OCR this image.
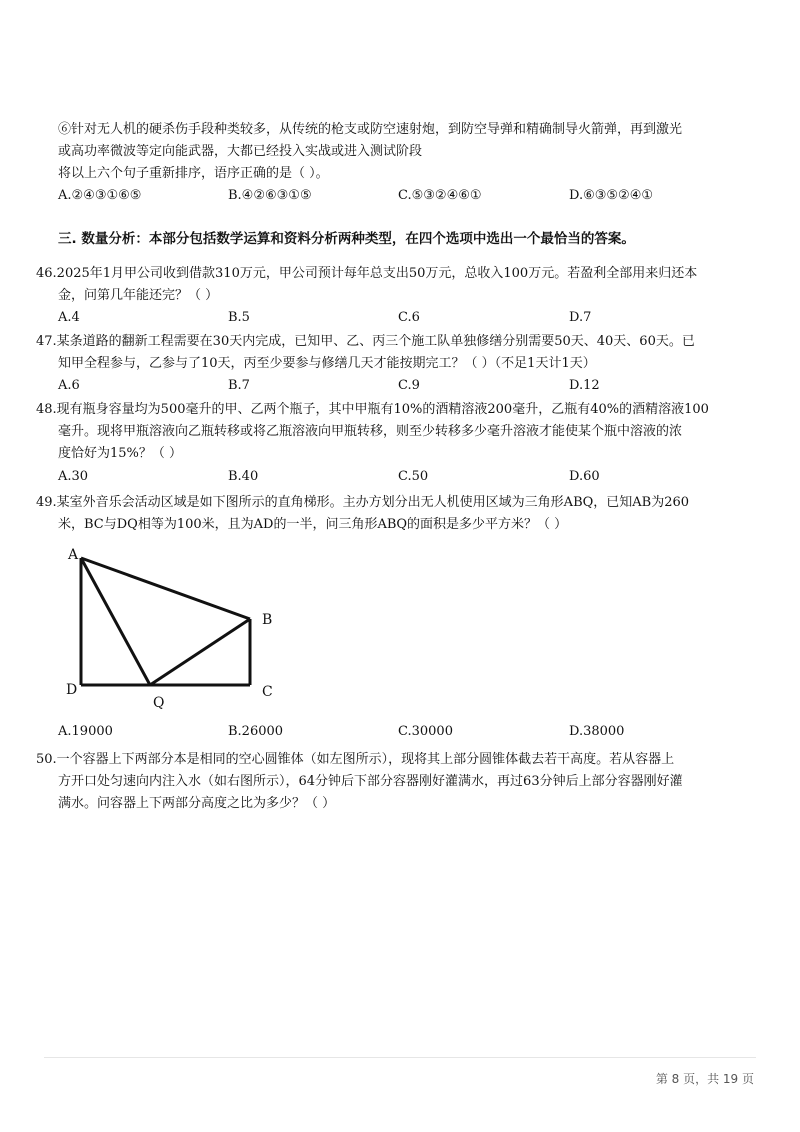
⑥针对无人机的硬杀伤手段种类较多，从传统的枪支或防空速射炮，到防空导弹和精确制导火箭弹，再到激光
或高功率微波等定向能武器，大都已经投入实战或进入测试阶段
将以上六个句子重新排序，语序正确的是（ ）。
A.②④③①⑥⑤	B.④②⑥③①⑤	C.⑤③②④⑥①	D.⑥③⑤②④①
三. 数量分析：本部分包括数学运算和资料分析两种类型，在四个选项中选出一个最恰当的答案。
46.2025年1月甲公司收到借款310万元，甲公司预计每年总支出50万元，总收入100万元。若盈利全部用来归还本
金，问第几年能还完？（ ）
A.4	B.5	C.6	D.7
47.某条道路的翻新工程需要在30天内完成，已知甲、乙、丙三个施工队单独修缮分别需要50天、40天、60天。已
知甲全程参与，乙参与了10天，丙至少要参与修缮几天才能按期完工？（ ）（不足1天计1天）
A.6	B.7	C.9	D.12
48.现有瓶身容量均为500毫升的甲、乙两个瓶子，其中甲瓶有10%的酒精溶液200毫升，乙瓶有40%的酒精溶液100
毫升。现将甲瓶溶液向乙瓶转移或将乙瓶溶液向甲瓶转移，则至少转移多少毫升溶液才能使某个瓶中溶液的浓
度恰好为15%？（ ）
A.30	B.40	C.50	D.60
49.某室外音乐会活动区域是如下图所示的直角梯形。主办方划分出无人机使用区域为三角形ABQ，已知AB为260
米，BC与DQ相等为100米，且为AD的一半，问三角形ABQ的面积是多少平方米？（ ）
A
B
C
D
Q
A.19000	B.26000	C.30000	D.38000
50.一个容器上下两部分本是相同的空心圆锥体（如左图所示），现将其上部分圆锥体截去若干高度。若从容器上
方开口处匀速向内注入水（如右图所示），64分钟后下部分容器刚好灌满水，再过63分钟后上部分容器刚好灌
满水。问容器上下两部分高度之比为多少？（ ）
第 8 页，共 19 页
